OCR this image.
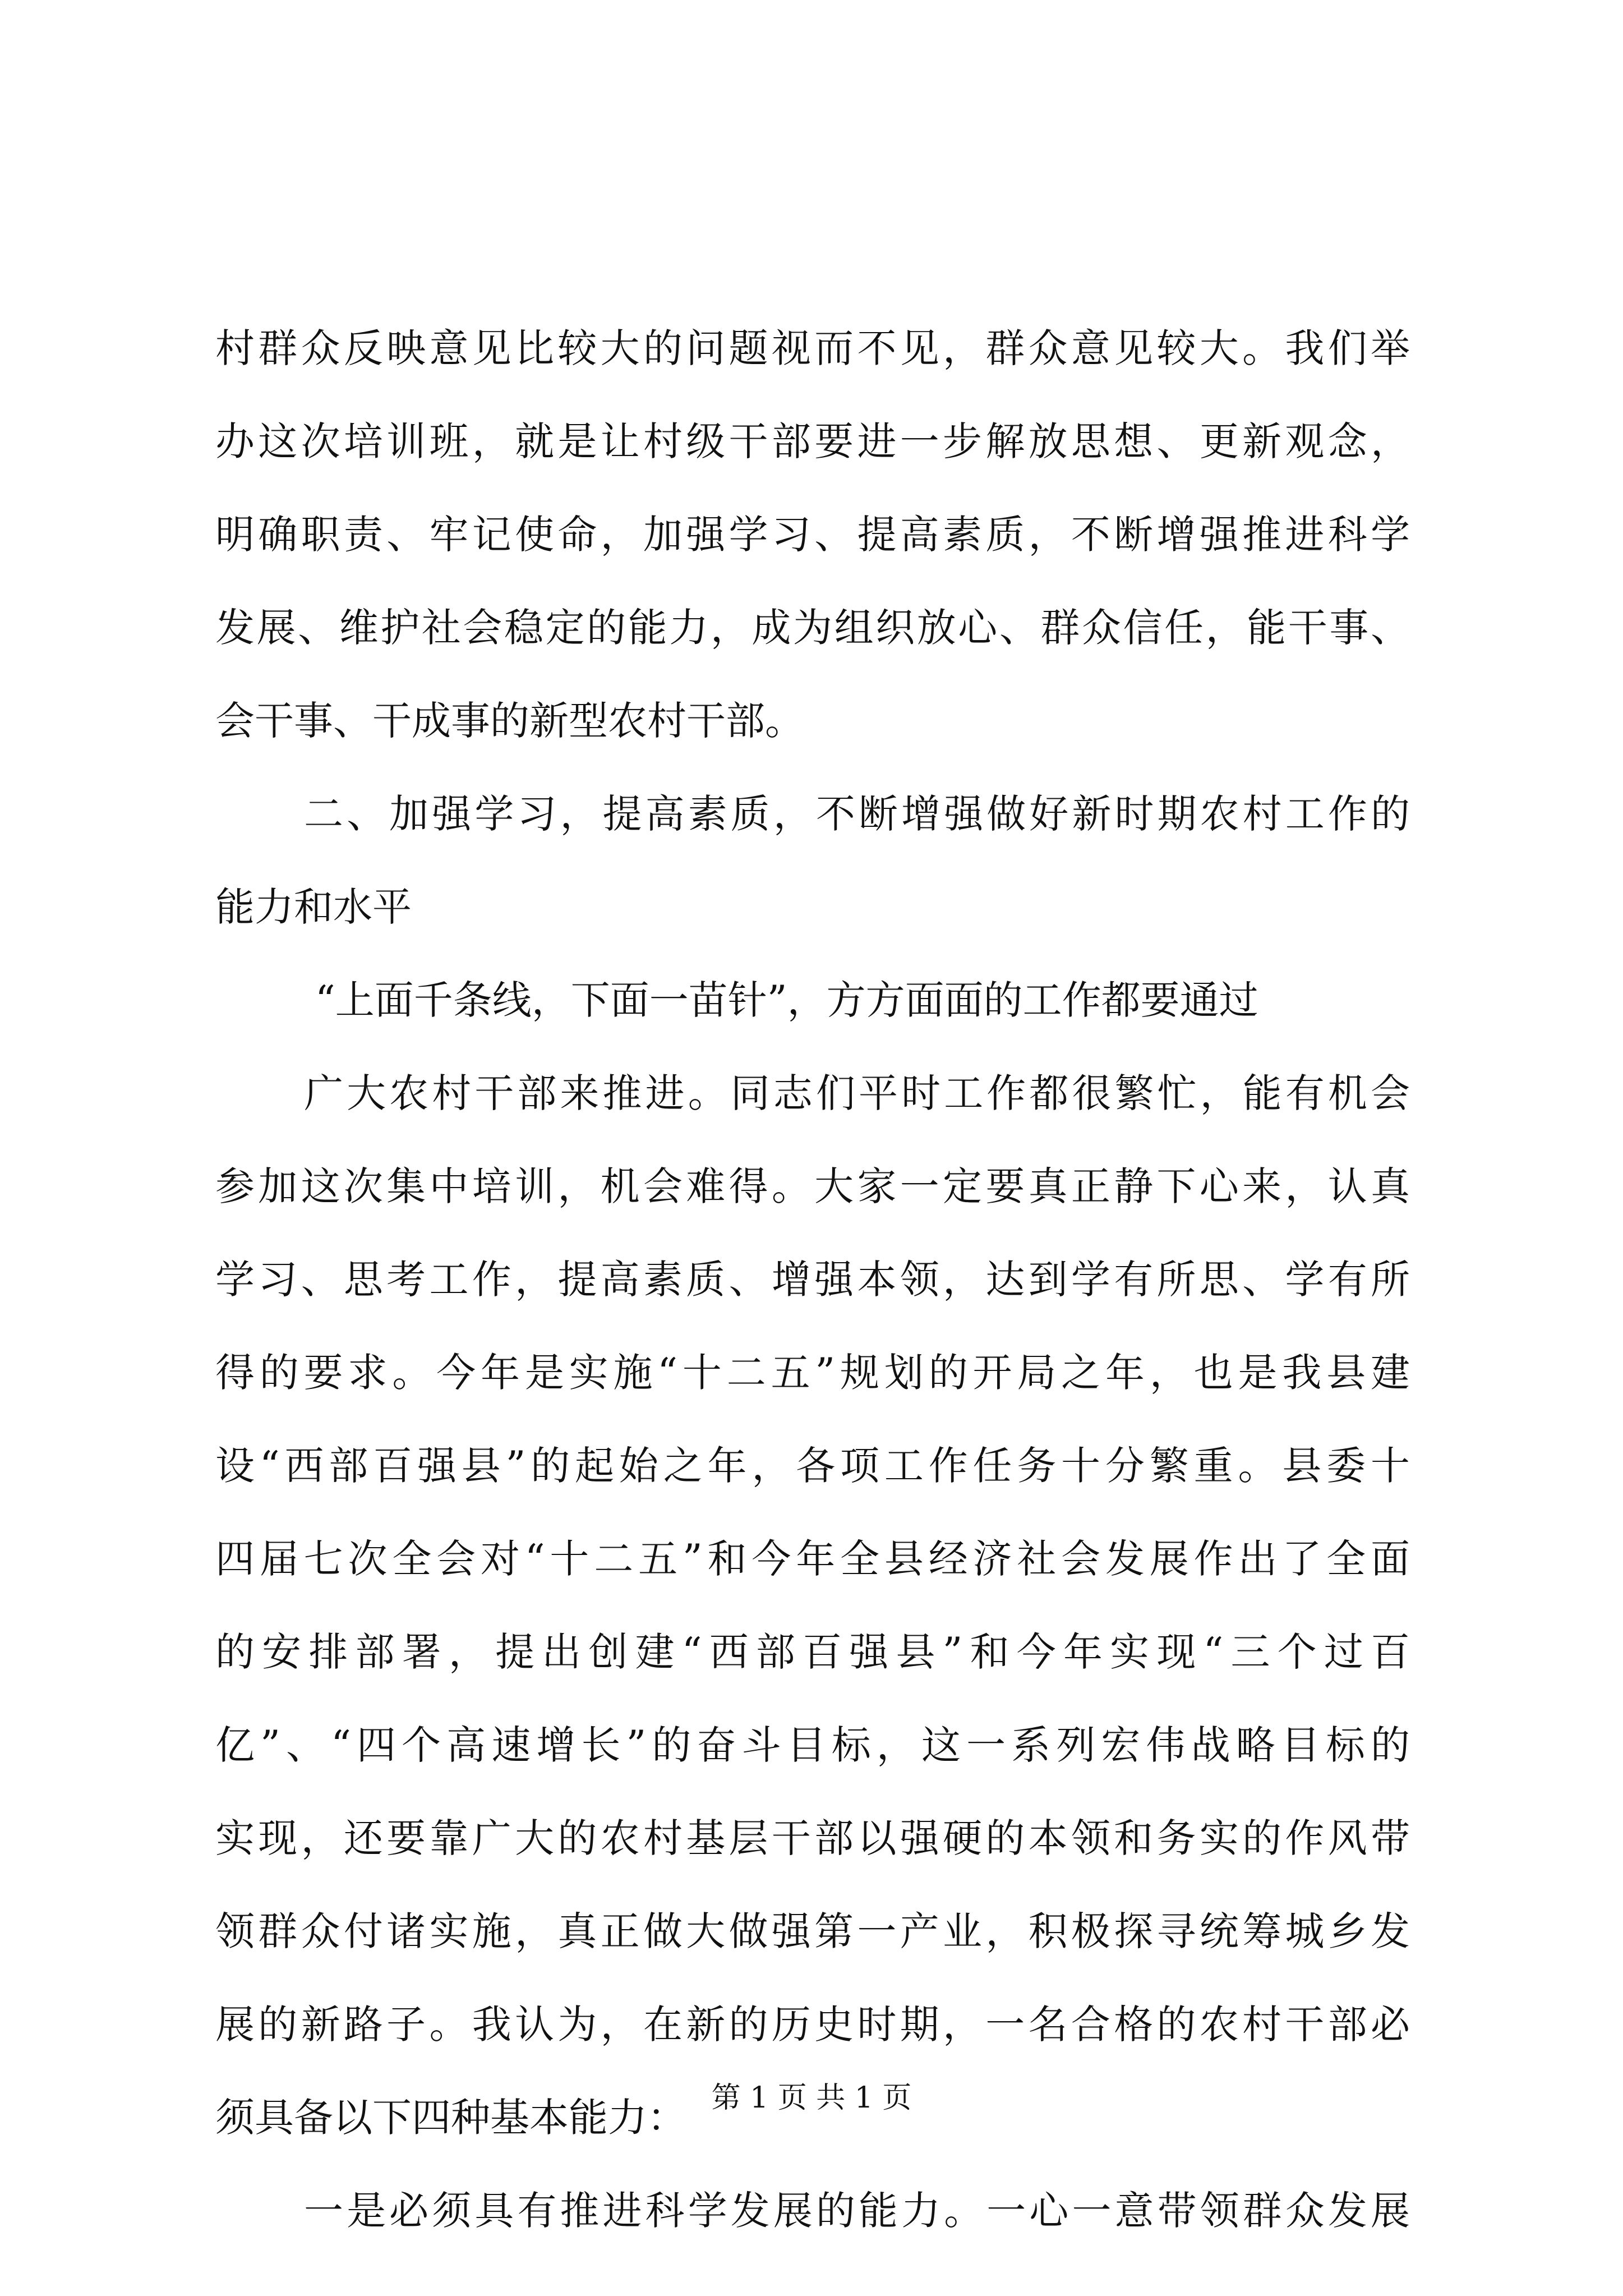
村群众反映意见比较大的问题视而不见，群众意见较大。我们举
办这次培训班，就是让村级干部要进一步解放思想、更新观念，
明确职责、牢记使命，加强学习、提高素质，不断增强推进科学
发展、维护社会稳定的能力，成为组织放心、群众信任，能干事、
会干事、干成事的新型农村干部。
二、加强学习，提高素质，不断增强做好新时期农村工作的
能力和水平
“上面千条线，下面一苗针”，方方面面的工作都要通过
广大农村干部来推进。同志们平时工作都很繁忙，能有机会
参加这次集中培训，机会难得。大家一定要真正静下心来，认真
学习、思考工作，提高素质、增强本领，达到学有所思、学有所
得的要求。今年是实施“十二五”规划的开局之年，也是我县建
设“西部百强县”的起始之年，各项工作任务十分繁重。县委十
四届七次全会对“十二五”和今年全县经济社会发展作出了全面
的安排部署，提出创建“西部百强县”和今年实现“三个过百
亿”、“四个高速增长”的奋斗目标，这一系列宏伟战略目标的
实现，还要靠广大的农村基层干部以强硬的本领和务实的作风带
领群众付诸实施，真正做大做强第一产业，积极探寻统筹城乡发
展的新路子。我认为，在新的历史时期，一名合格的农村干部必
须具备以下四种基本能力：
一是必须具有推进科学发展的能力。一心一意带领群众发展
第 1 页 共 1 页
